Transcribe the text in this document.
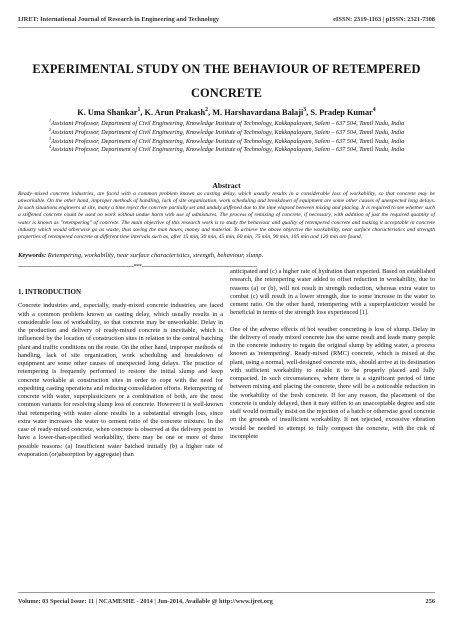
IJRET: International Journal of Research in Engineering and Technology	eISSN: 2319-1163 | pISSN: 2321-7308
EXPERIMENTAL STUDY ON THE BEHAVIOUR OF RETEMPERED CONCRETE
K. Uma Shankar$^1$, K. Arun Prakash$^2$, M. Harshavardana Balaji$^3$, S. Pradep Kumar$^4$

$^1$Assistant Professor, Department of Civil Engineering, Knowledge Institute of Technology, Kakkapalayam, Salem – 637 504, Tamil Nadu, India

$^2$Assistant Professor, Department of Civil Engineering, Knowledge Institute of Technology, Kakkapalayam, Salem – 637 504, Tamil Nadu, India

$^3$Assistant Professor, Department of Civil Engineering, Knowledge Institute of Technology, Kakkapalayam, Salem – 637 504, Tamil Nadu, India

$^4$Assistant Professor, Department of Civil Engineering, Knowledge Institute of Technology, Kakkapalayam, Salem – 637 504, Tamil Nadu, India

Abstract
Ready–mixed concrete industries, are faced with a common problem known as casting delay, which usually results in a considerable loss of workability, so that concrete may be unworkable. On the other hand, improper methods of handling, lack of site organization, work scheduling and breakdown of equipment are some other causes of unexpected long delays. In such situations engineers at site, many a time reject the concrete partially set and unduly stiffened due to the time elapsed between mixing and placing. It is required to see whether such a stiffened concrete could be used on work without undue harm with use of admixtures. The process of remixing of concrete, if necessary, with addition of just the required quantity of water is known as "retempering" of concrete. The main objective of this research work is to study the behaviour and quality of retempered concrete and making it acceptable in concrete industry which would otherwise go as waste, thus saving the man hours, money and material. To achieve the above objective the workability, near surface characteristics and strength properties of retempered concrete at different time intervals such as, after 15 min, 30 min, 45 min, 60 min, 75 min, 90 min, 105 min and 120 min are found.
Keywords: Retempering, workability, near surface characteristics, strength, behaviour, slump.
--------------------------------------------------------------------***--------------------------------------------------------------------
1. INTRODUCTION

Concrete industries and, especially, ready-mixed concrete industries, are faced with a common problem known as casting delay, which usually results in a considerable loss of workability, so that concrete may be unworkable. Delay in the production and delivery of ready-mixed concrete is inevitable, which is influenced by the location of construction sites in relation to the central batching plant and traffic conditions on the route. On the other hand, improper methods of handling, lack of site organization, work scheduling and breakdown of equipment are some other causes of unexpected long delays. The practice of retempering is frequently performed to restore the initial slump and keep concrete workable at construction sites in order to cope with the need for expediting casting operations and reducing consolidation efforts. Retempering of concrete with water, superplasticizers or a combination of both, are the most common variants for resolving slump loss of concrete. However it is well-known that retempering with water alone results in a substantial strength loss, since extra water increases the water to cement ratio of the concrete mixture. In the case of ready-mixed concrete, when concrete is observed at the delivery point to have a lower-than-specified workability, there may be one or more of three possible reasons: (a) Insufficient water batched initially (b) a higher rate of evaporation (or)absorption by aggregate) than

anticipated and (c) a higher rate of hydration than expected. Based on established research, the retempering water added to offset reduction in workability, due to reasons (a) or (b), will not result in strength reduction, whereas extra water to combat (c) will result in a lower strength, due to some increase in the water to cement ratio. On the other hand, retempering with a superplasticizer would be beneficial in terms of the strength loss experienced [1].

One of the adverse effects of hot weather concreting is loss of slump. Delay in the delivery of ready mixed concrete has the same result and leads many people in the concrete industry to regain the original slump by adding water, a process known as 'retempering'. Ready-mixed (RMC) concrete, which is mixed at the plant, using a normal, well-designed concrete mix, should arrive at its destination with sufficient workability to enable it to be properly placed and fully compacted. In such circumstances, where there is a significant period of time between mixing and placing the concrete, there will be a noticeable reduction in the workability of the fresh concrete. If for any reason, the placement of the concrete is unduly delayed, then it may stiffen to an unacceptable degree and site staff would normally insist on the rejection of a batch or otherwise good concrete on the grounds of insufficient workability. If not rejected, excessive vibration would be needed to attempt to fully compact the concrete, with the risk of incomplete

Volume: 03 Special Issue: 11 | NCAMESHE - 2014 | Jun-2014, Available @ http://www.ijret.org	256
